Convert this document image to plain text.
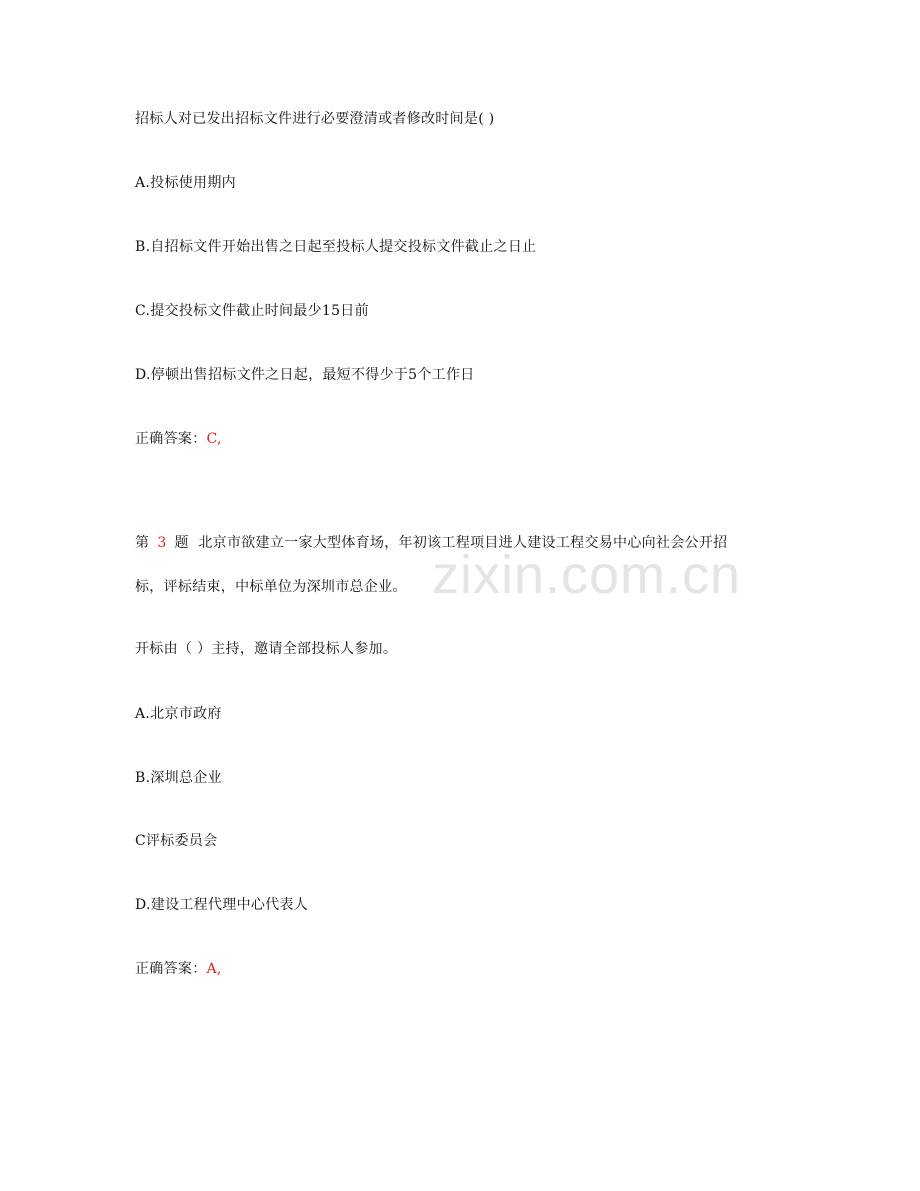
zixin.com.cn
招标人对已发出招标文件进行必要澄清或者修改时间是( )
A.投标使用期内
B.自招标文件开始出售之日起至投标人提交投标文件截止之日止
C.提交投标文件截止时间最少15日前
D.停顿出售招标文件之日起，最短不得少于5个工作日
正确答案：C,
第 3 题 北京市欲建立一家大型体育场，年初该工程项目进人建设工程交易中心向社会公开招
标，评标结束，中标单位为深圳市总企业。
开标由（ ）主持，邀请全部投标人参加。
A.北京市政府
B.深圳总企业
C评标委员会
D.建设工程代理中心代表人
正确答案：A,
